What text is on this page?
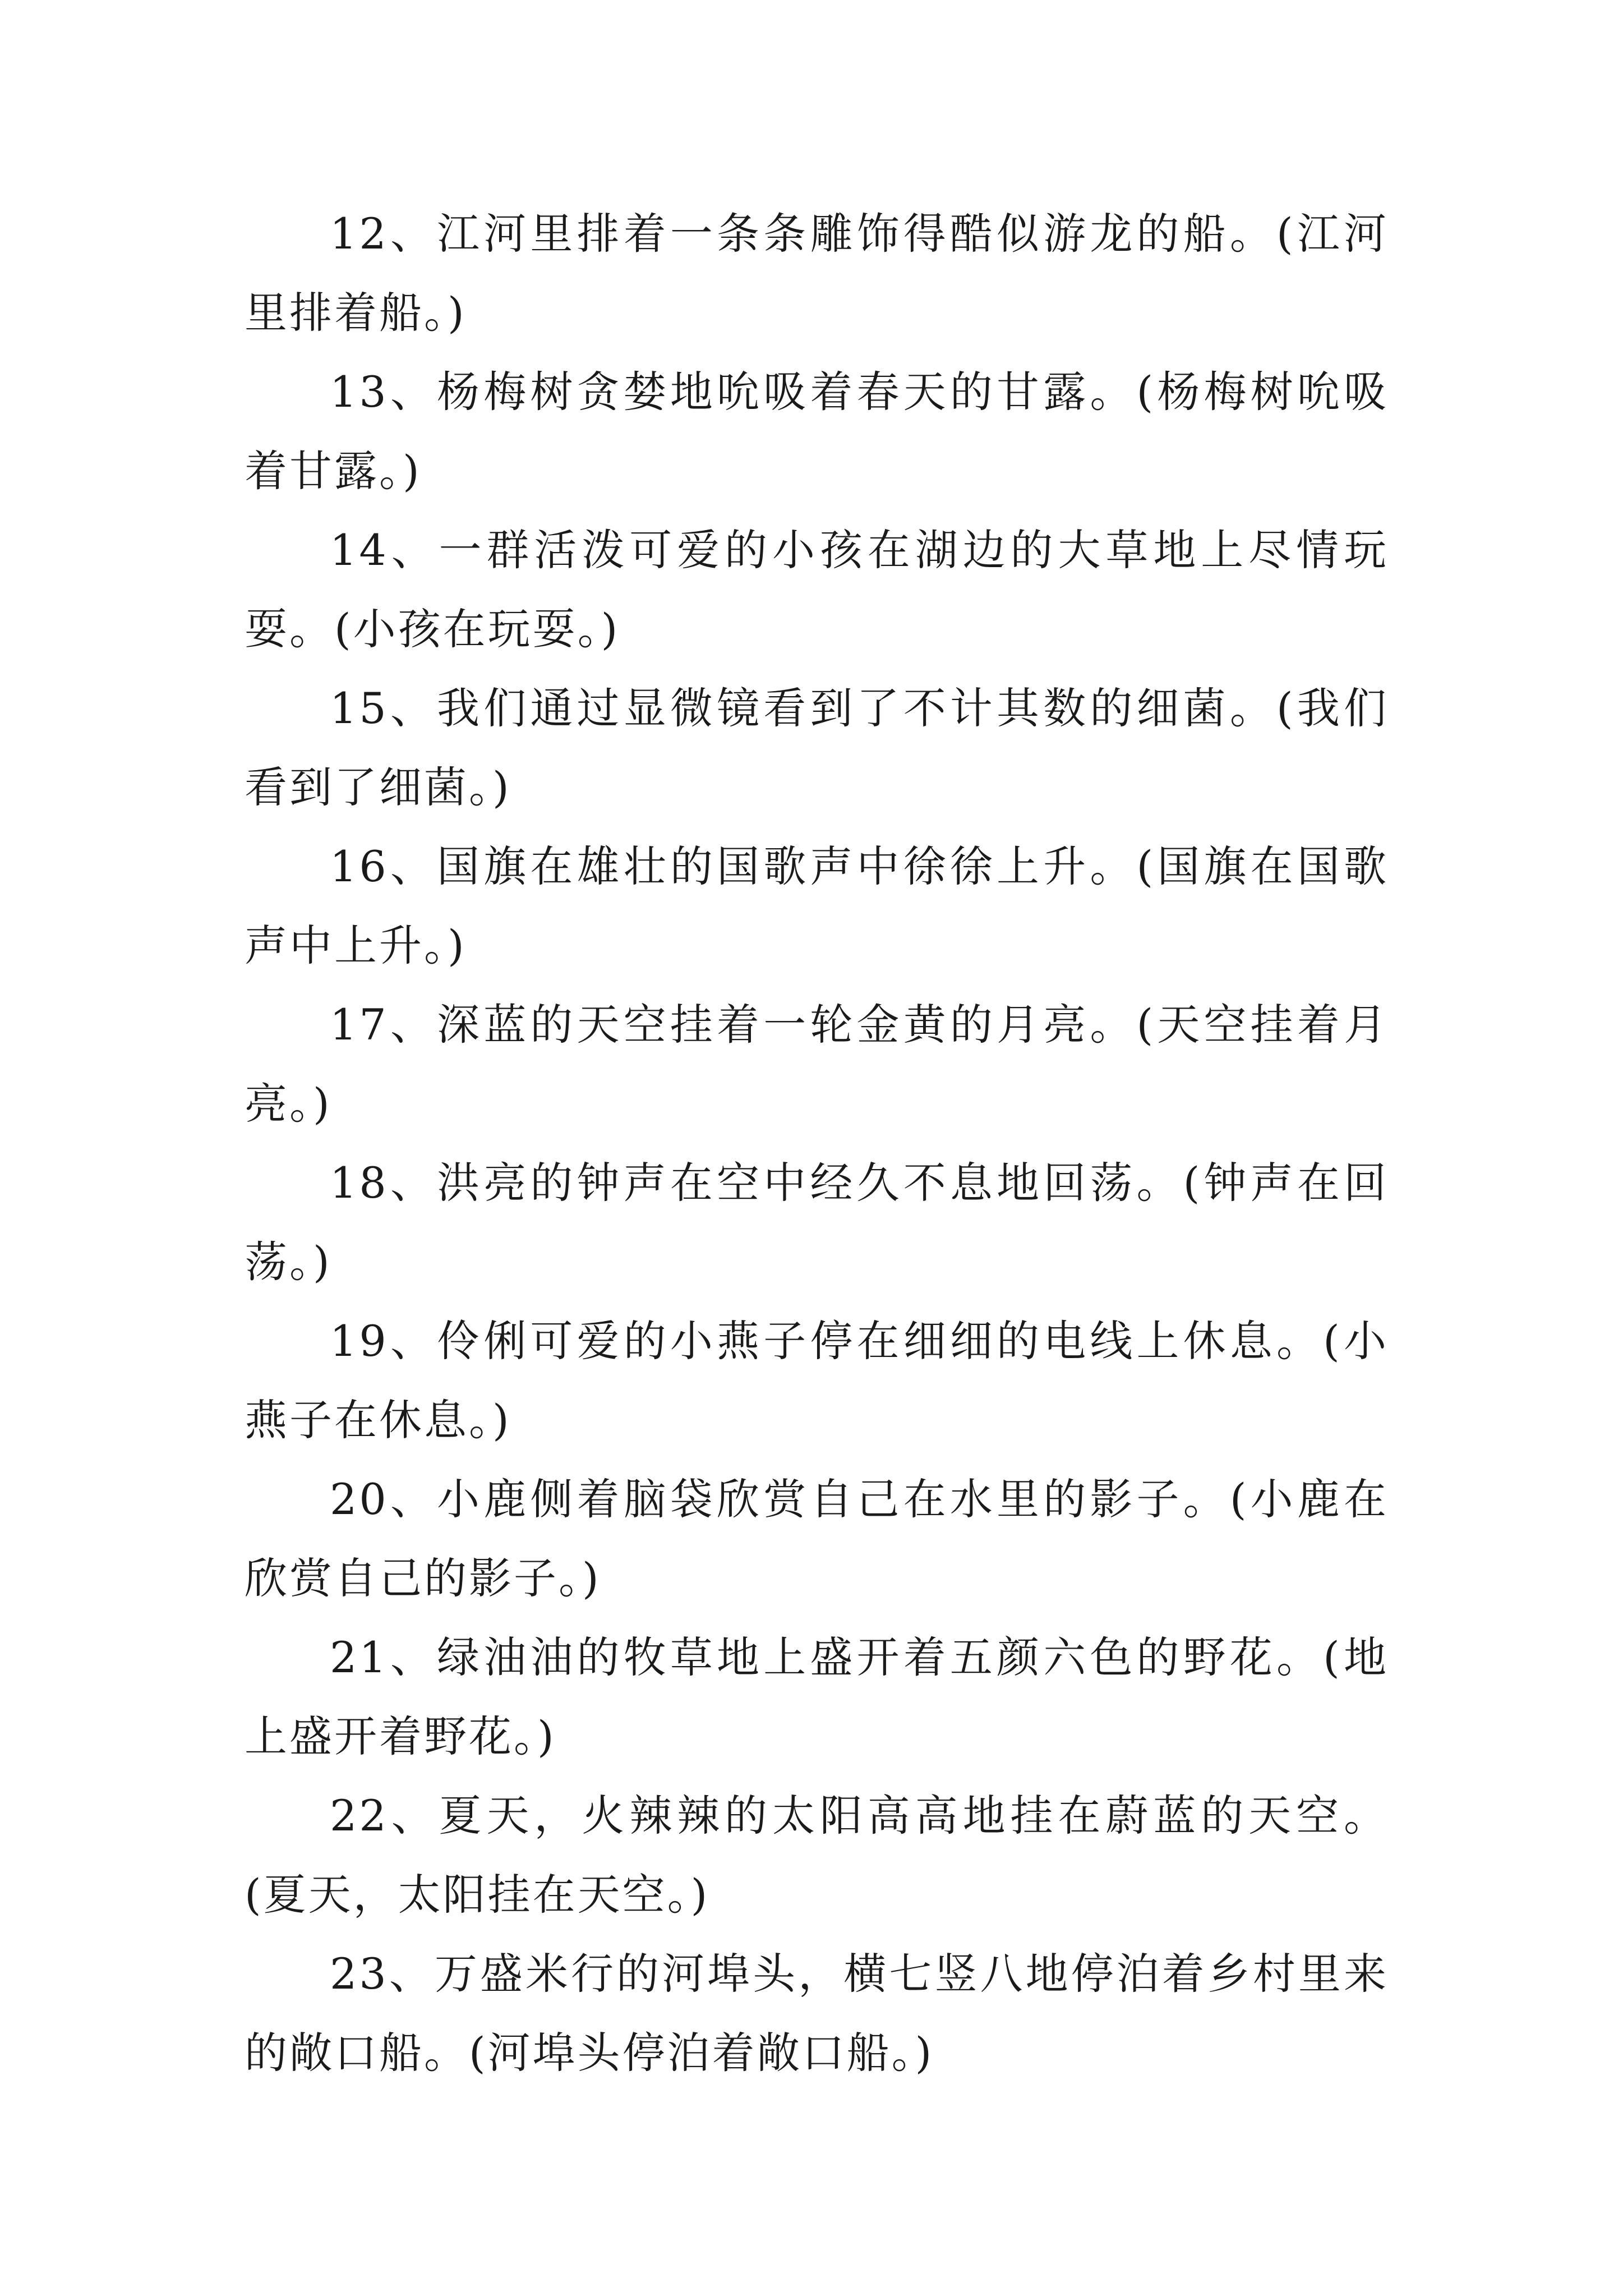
12、江河里排着一条条雕饰得酷似游龙的船。(江河里排着船。)

13、杨梅树贪婪地吮吸着春天的甘露。(杨梅树吮吸着甘露。)

14、一群活泼可爱的小孩在湖边的大草地上尽情玩耍。(小孩在玩耍。)

15、我们通过显微镜看到了不计其数的细菌。(我们看到了细菌。)

16、国旗在雄壮的国歌声中徐徐上升。(国旗在国歌声中上升。)

17、深蓝的天空挂着一轮金黄的月亮。(天空挂着月亮。)

18、洪亮的钟声在空中经久不息地回荡。(钟声在回荡。)

19、伶俐可爱的小燕子停在细细的电线上休息。(小燕子在休息。)

20、小鹿侧着脑袋欣赏自己在水里的影子。(小鹿在欣赏自己的影子。)

21、绿油油的牧草地上盛开着五颜六色的野花。(地上盛开着野花。)

22、夏天，火辣辣的太阳高高地挂在蔚蓝的天空。(夏天，太阳挂在天空。)

23、万盛米行的河埠头，横七竖八地停泊着乡村里来的敞口船。(河埠头停泊着敞口船。)
